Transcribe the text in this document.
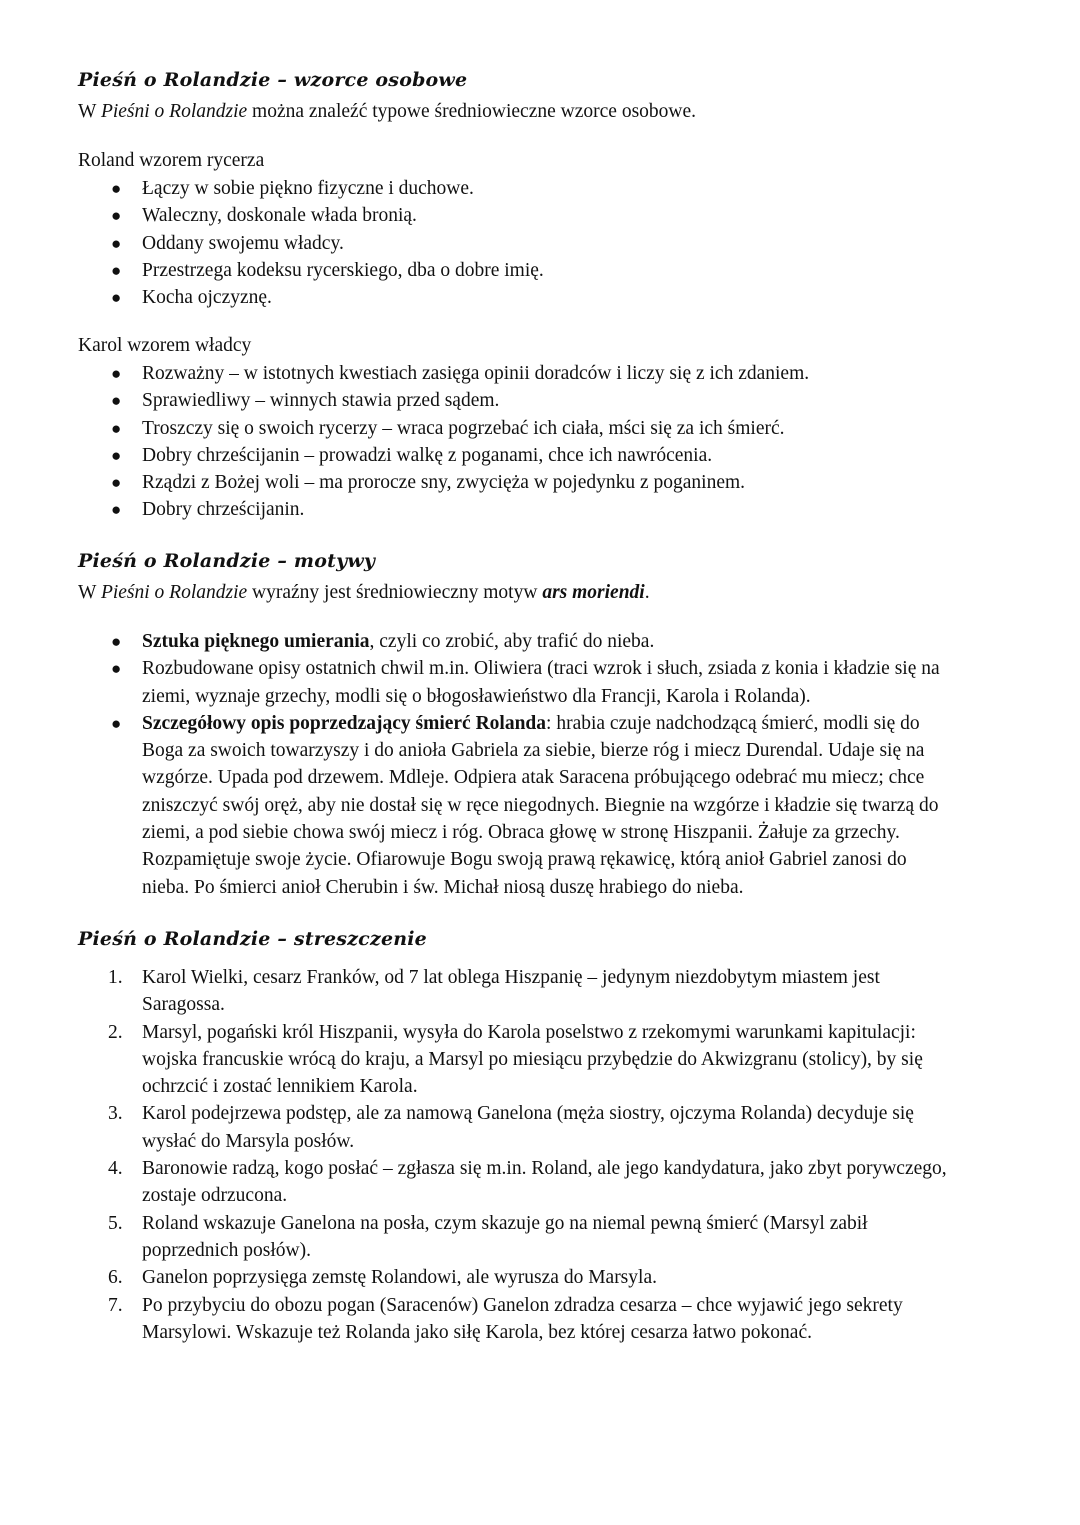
Pieśń o Rolandzie – wzorce osobowe
W Pieśni o Rolandzie można znaleźć typowe średniowieczne wzorce osobowe.
Roland wzorem rycerza
● Łączy w sobie piękno fizyczne i duchowe.
● Waleczny, doskonale włada bronią.
● Oddany swojemu władcy.
● Przestrzega kodeksu rycerskiego, dba o dobre imię.
● Kocha ojczyznę.
Karol wzorem władcy
● Rozważny – w istotnych kwestiach zasięga opinii doradców i liczy się z ich zdaniem.
● Sprawiedliwy – winnych stawia przed sądem.
● Troszczy się o swoich rycerzy – wraca pogrzebać ich ciała, mści się za ich śmierć.
● Dobry chrześcijanin – prowadzi walkę z poganami, chce ich nawrócenia.
● Rządzi z Bożej woli – ma prorocze sny, zwycięża w pojedynku z poganinem.
● Dobry chrześcijanin.
Pieśń o Rolandzie – motywy
W Pieśni o Rolandzie wyraźny jest średniowieczny motyw ars moriendi.
● Sztuka pięknego umierania, czyli co zrobić, aby trafić do nieba.
● Rozbudowane opisy ostatnich chwil m.in. Oliwiera (traci wzrok i słuch, zsiada z konia i kładzie się na ziemi, wyznaje grzechy, modli się o błogosławieństwo dla Francji, Karola i Rolanda).
● Szczegółowy opis poprzedzający śmierć Rolanda: hrabia czuje nadchodzącą śmierć, modli się do Boga za swoich towarzyszy i do anioła Gabriela za siebie, bierze róg i miecz Durendal. Udaje się na wzgórze. Upada pod drzewem. Mdleje. Odpiera atak Saracena próbującego odebrać mu miecz; chce zniszczyć swój oręż, aby nie dostał się w ręce niegodnych. Biegnie na wzgórze i kładzie się twarzą do ziemi, a pod siebie chowa swój miecz i róg. Obraca głowę w stronę Hiszpanii. Żałuje za grzechy. Rozpamiętuje swoje życie. Ofiarowuje Bogu swoją prawą rękawicę, którą anioł Gabriel zanosi do nieba. Po śmierci anioł Cherubin i św. Michał niosą duszę hrabiego do nieba.
Pieśń o Rolandzie – streszczenie
1. Karol Wielki, cesarz Franków, od 7 lat oblega Hiszpanię – jedynym niezdobytym miastem jest Saragossa.
2. Marsyl, pogański król Hiszpanii, wysyła do Karola poselstwo z rzekomymi warunkami kapitulacji: wojska francuskie wrócą do kraju, a Marsyl po miesiącu przybędzie do Akwizgranu (stolicy), by się ochrzcić i zostać lennikiem Karola.
3. Karol podejrzewa podstęp, ale za namową Ganelona (męża siostry, ojczyma Rolanda) decyduje się wysłać do Marsyla posłów.
4. Baronowie radzą, kogo posłać – zgłasza się m.in. Roland, ale jego kandydatura, jako zbyt porywczego, zostaje odrzucona.
5. Roland wskazuje Ganelona na posła, czym skazuje go na niemal pewną śmierć (Marsyl zabił poprzednich posłów).
6. Ganelon poprzysięga zemstę Rolandowi, ale wyrusza do Marsyla.
7. Po przybyciu do obozu pogan (Saracenów) Ganelon zdradza cesarza – chce wyjawić jego sekrety Marsylowi. Wskazuje też Rolanda jako siłę Karola, bez której cesarza łatwo pokonać.
